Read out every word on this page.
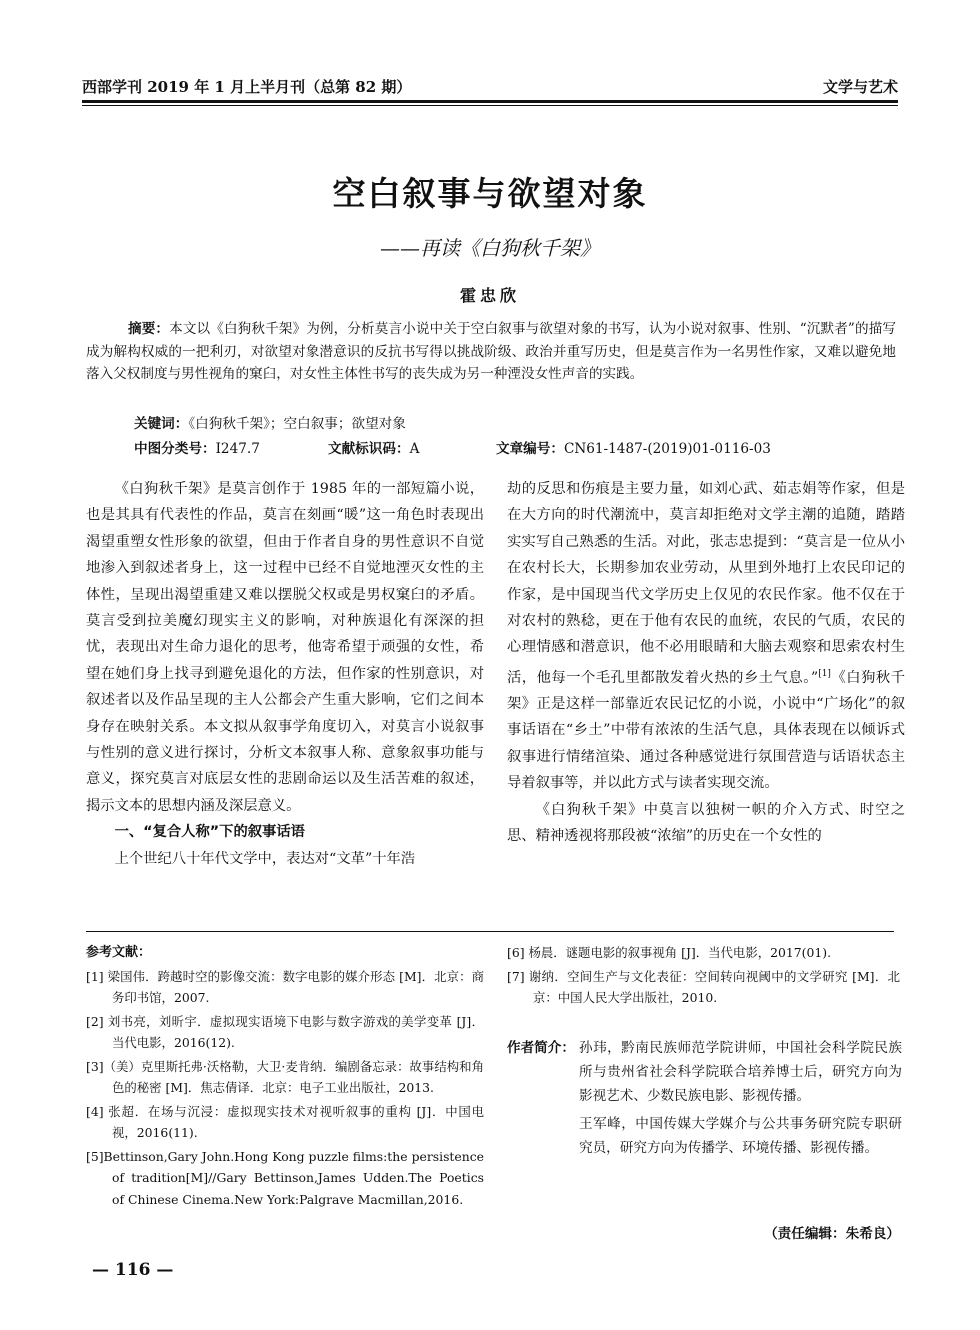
西部学刊 2019 年 1 月上半月刊（总第 82 期）	文学与艺术
空白叙事与欲望对象
——再读《白狗秋千架》
霍忠欣
摘要：本文以《白狗秋千架》为例，分析莫言小说中关于空白叙事与欲望对象的书写，认为小说对叙事、性别、“沉默者”的描写成为解构权威的一把利刃，对欲望对象潜意识的反抗书写得以挑战阶级、政治并重写历史，但是莫言作为一名男性作家，又难以避免地落入父权制度与男性视角的窠臼，对女性主体性书写的丧失成为另一种湮没女性声音的实践。
关键词：《白狗秋千架》；空白叙事；欲望对象
中图分类号：I247.7	文献标识码：A	文章编号：CN61-1487-(2019)01-0116-03

《白狗秋千架》是莫言创作于 1985 年的一部短篇小说，也是其具有代表性的作品，莫言在刻画“暖”这一角色时表现出渴望重塑女性形象的欲望，但由于作者自身的男性意识不自觉地渗入到叙述者身上，这一过程中已经不自觉地湮灭女性的主体性，呈现出渴望重建又难以摆脱父权或是男权窠臼的矛盾。莫言受到拉美魔幻现实主义的影响，对种族退化有深深的担忧，表现出对生命力退化的思考，他寄希望于顽强的女性，希望在她们身上找寻到避免退化的方法，但作家的性别意识，对叙述者以及作品呈现的主人公都会产生重大影响，它们之间本身存在映射关系。本文拟从叙事学角度切入，对莫言小说叙事与性别的意义进行探讨，分析文本叙事人称、意象叙事功能与意义，探究莫言对底层女性的悲剧命运以及生活苦难的叙述，揭示文本的思想内涵及深层意义。

一、“复合人称”下的叙事话语

上个世纪八十年代文学中，表达对“文革”十年浩

劫的反思和伤痕是主要力量，如刘心武、茹志娟等作家，但是在大方向的时代潮流中，莫言却拒绝对文学主潮的追随，踏踏实实写自己熟悉的生活。对此，张志忠提到：“莫言是一位从小在农村长大，长期参加农业劳动，从里到外地打上农民印记的作家，是中国现当代文学历史上仅见的农民作家。他不仅在于对农村的熟稔，更在于他有农民的血统，农民的气质，农民的心理情感和潜意识，他不必用眼睛和大脑去观察和思索农村生活，他每一个毛孔里都散发着火热的乡土气息。”[1]《白狗秋千架》正是这样一部靠近农民记忆的小说，小说中“广场化”的叙事话语在“乡土”中带有浓浓的生活气息，具体表现在以倾诉式叙事进行情绪渲染、通过各种感觉进行氛围营造与话语状态主导着叙事等，并以此方式与读者实现交流。

《白狗秋千架》中莫言以独树一帜的介入方式、时空之思、精神透视将那段被“浓缩”的历史在一个女性的

参考文献：
[1] 梁国伟．跨越时空的影像交流：数字电影的媒介形态 [M]．北京：商务印书馆，2007.
[2] 刘书亮，刘昕宇．虚拟现实语境下电影与数字游戏的美学变革 [J]．当代电影，2016(12).
[3]（美）克里斯托弗·沃格勒，大卫·麦肯纳．编剧备忘录：故事结构和角色的秘密 [M]．焦志倩译．北京：电子工业出版社，2013.
[4] 张超．在场与沉浸：虚拟现实技术对视听叙事的重构 [J]．中国电视，2016(11).
[5]Bettinson,Gary John.Hong Kong puzzle films:the persistence of tradition[M]//Gary Bettinson,James Udden.The Poetics of Chinese Cinema.New York:Palgrave Macmillan,2016.
[6] 杨晨．谜题电影的叙事视角 [J]．当代电影，2017(01).
[7] 谢纳．空间生产与文化表征：空间转向视阈中的文学研究 [M]．北京：中国人民大学出版社，2010.
作者简介： 孙玮，黔南民族师范学院讲师，中国社会科学院民族所与贵州省社会科学院联合培养博士后，研究方向为影视艺术、少数民族电影、影视传播。
王军峰，中国传媒大学媒介与公共事务研究院专职研究员，研究方向为传播学、环境传播、影视传播。
（责任编辑：朱希良）
— 116 —
